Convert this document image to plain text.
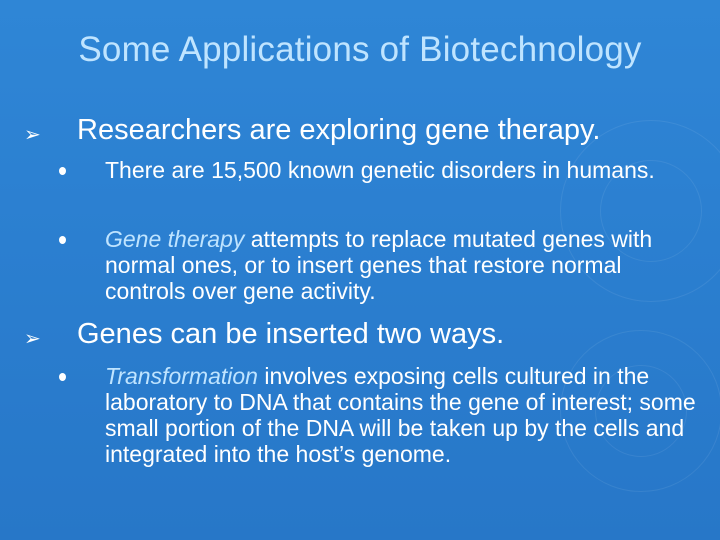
Some Applications of Biotechnology
➢ Researchers are exploring gene therapy.
There are 15,500 known genetic disorders in humans.
Gene therapy attempts to replace mutated genes with normal ones, or to insert genes that restore normal controls over gene activity.
➢ Genes can be inserted two ways.
Transformation involves exposing cells cultured in the laboratory to DNA that contains the gene of interest; some small portion of the DNA will be taken up by the cells and integrated into the host’s genome.
